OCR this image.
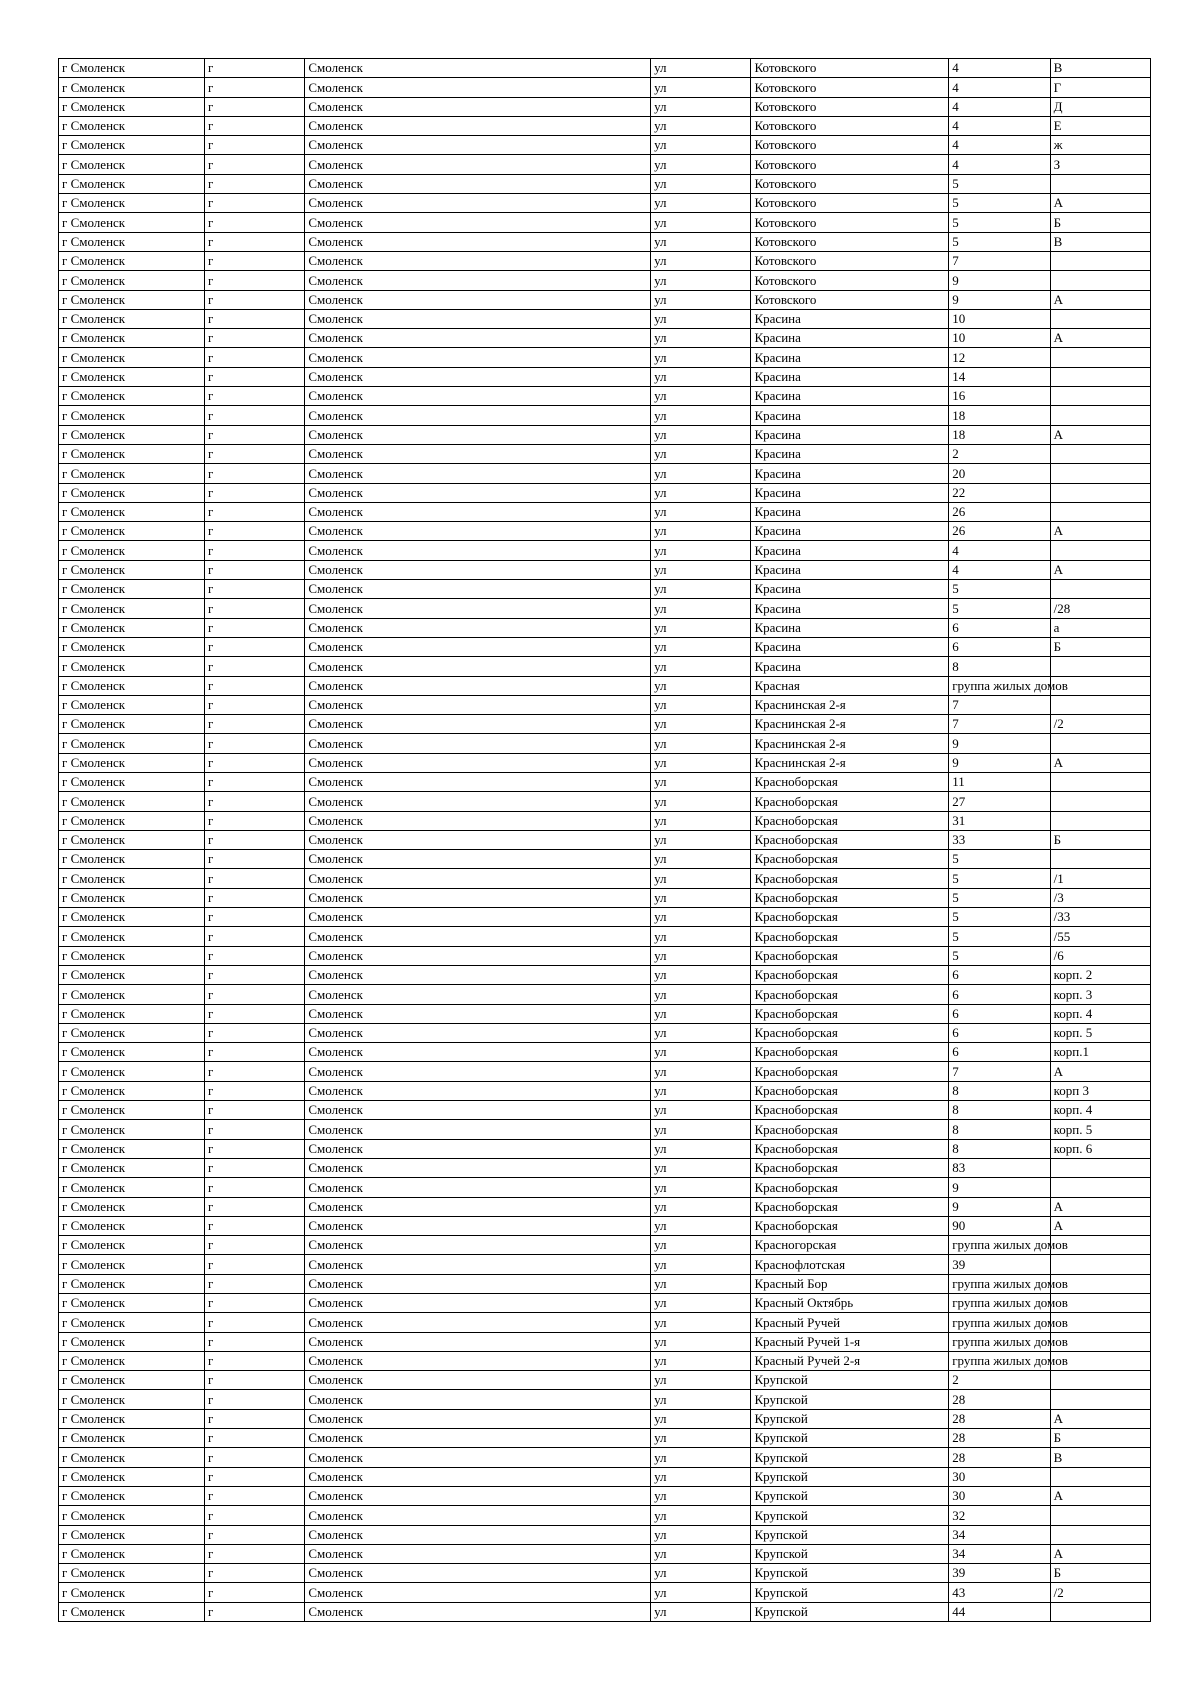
г Смоленск	г	Смоленск	ул	Котовского	4	В
г Смоленск	г	Смоленск	ул	Котовского	4	Г
г Смоленск	г	Смоленск	ул	Котовского	4	Д
г Смоленск	г	Смоленск	ул	Котовского	4	Е
г Смоленск	г	Смоленск	ул	Котовского	4	ж
г Смоленск	г	Смоленск	ул	Котовского	4	З
г Смоленск	г	Смоленск	ул	Котовского	5	
г Смоленск	г	Смоленск	ул	Котовского	5	А
г Смоленск	г	Смоленск	ул	Котовского	5	Б
г Смоленск	г	Смоленск	ул	Котовского	5	В
г Смоленск	г	Смоленск	ул	Котовского	7	
г Смоленск	г	Смоленск	ул	Котовского	9	
г Смоленск	г	Смоленск	ул	Котовского	9	А
г Смоленск	г	Смоленск	ул	Красина	10	
г Смоленск	г	Смоленск	ул	Красина	10	А
г Смоленск	г	Смоленск	ул	Красина	12	
г Смоленск	г	Смоленск	ул	Красина	14	
г Смоленск	г	Смоленск	ул	Красина	16	
г Смоленск	г	Смоленск	ул	Красина	18	
г Смоленск	г	Смоленск	ул	Красина	18	А
г Смоленск	г	Смоленск	ул	Красина	2	
г Смоленск	г	Смоленск	ул	Красина	20	
г Смоленск	г	Смоленск	ул	Красина	22	
г Смоленск	г	Смоленск	ул	Красина	26	
г Смоленск	г	Смоленск	ул	Красина	26	А
г Смоленск	г	Смоленск	ул	Красина	4	
г Смоленск	г	Смоленск	ул	Красина	4	А
г Смоленск	г	Смоленск	ул	Красина	5	
г Смоленск	г	Смоленск	ул	Красина	5	/28
г Смоленск	г	Смоленск	ул	Красина	6	а
г Смоленск	г	Смоленск	ул	Красина	6	Б
г Смоленск	г	Смоленск	ул	Красина	8	
г Смоленск	г	Смоленск	ул	Красная	группа жилых домов	
г Смоленск	г	Смоленск	ул	Краснинская 2-я	7	
г Смоленск	г	Смоленск	ул	Краснинская 2-я	7	/2
г Смоленск	г	Смоленск	ул	Краснинская 2-я	9	
г Смоленск	г	Смоленск	ул	Краснинская 2-я	9	А
г Смоленск	г	Смоленск	ул	Красноборская	11	
г Смоленск	г	Смоленск	ул	Красноборская	27	
г Смоленск	г	Смоленск	ул	Красноборская	31	
г Смоленск	г	Смоленск	ул	Красноборская	33	Б
г Смоленск	г	Смоленск	ул	Красноборская	5	
г Смоленск	г	Смоленск	ул	Красноборская	5	/1
г Смоленск	г	Смоленск	ул	Красноборская	5	/3
г Смоленск	г	Смоленск	ул	Красноборская	5	/33
г Смоленск	г	Смоленск	ул	Красноборская	5	/55
г Смоленск	г	Смоленск	ул	Красноборская	5	/6
г Смоленск	г	Смоленск	ул	Красноборская	6	корп. 2
г Смоленск	г	Смоленск	ул	Красноборская	6	корп. 3
г Смоленск	г	Смоленск	ул	Красноборская	6	корп. 4
г Смоленск	г	Смоленск	ул	Красноборская	6	корп. 5
г Смоленск	г	Смоленск	ул	Красноборская	6	корп.1
г Смоленск	г	Смоленск	ул	Красноборская	7	А
г Смоленск	г	Смоленск	ул	Красноборская	8	корп 3
г Смоленск	г	Смоленск	ул	Красноборская	8	корп. 4
г Смоленск	г	Смоленск	ул	Красноборская	8	корп. 5
г Смоленск	г	Смоленск	ул	Красноборская	8	корп. 6
г Смоленск	г	Смоленск	ул	Красноборская	83	
г Смоленск	г	Смоленск	ул	Красноборская	9	
г Смоленск	г	Смоленск	ул	Красноборская	9	А
г Смоленск	г	Смоленск	ул	Красноборская	90	А
г Смоленск	г	Смоленск	ул	Красногорская	группа жилых домов	
г Смоленск	г	Смоленск	ул	Краснофлотская	39	
г Смоленск	г	Смоленск	ул	Красный Бор	группа жилых домов	
г Смоленск	г	Смоленск	ул	Красный Октябрь	группа жилых домов	
г Смоленск	г	Смоленск	ул	Красный Ручей	группа жилых домов	
г Смоленск	г	Смоленск	ул	Красный Ручей 1-я	группа жилых домов	
г Смоленск	г	Смоленск	ул	Красный Ручей 2-я	группа жилых домов	
г Смоленск	г	Смоленск	ул	Крупской	2	
г Смоленск	г	Смоленск	ул	Крупской	28	
г Смоленск	г	Смоленск	ул	Крупской	28	А
г Смоленск	г	Смоленск	ул	Крупской	28	Б
г Смоленск	г	Смоленск	ул	Крупской	28	В
г Смоленск	г	Смоленск	ул	Крупской	30	
г Смоленск	г	Смоленск	ул	Крупской	30	А
г Смоленск	г	Смоленск	ул	Крупской	32	
г Смоленск	г	Смоленск	ул	Крупской	34	
г Смоленск	г	Смоленск	ул	Крупской	34	А
г Смоленск	г	Смоленск	ул	Крупской	39	Б
г Смоленск	г	Смоленск	ул	Крупской	43	/2
г Смоленск	г	Смоленск	ул	Крупской	44	
